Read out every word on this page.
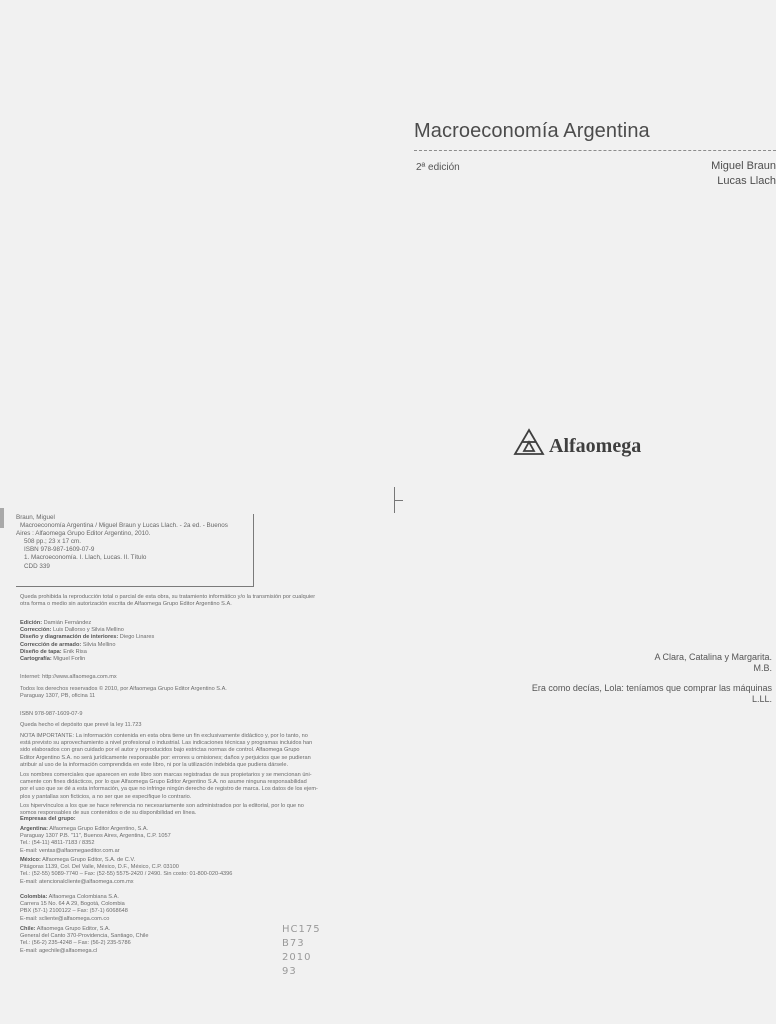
Macroeconomía Argentina
2ª edición	Miguel Braun
Lucas Llach
Alfaomega
A Clara, Catalina y Margarita.
M.B.
Era como decías, Lola: teníamos que comprar las máquinas
L.LL.
Braun, Miguel
Macroeconomía Argentina / Miguel Braun y Lucas Llach. - 2a ed. - Buenos
Aires : Alfaomega Grupo Editor Argentino, 2010.
508 pp.; 23 x 17 cm.
ISBN 978-987-1609-07-9
1. Macroeconomía. I. Llach, Lucas. II. Título
CDD 339
Queda prohibida la reproducción total o parcial de esta obra, su tratamiento informático y/o la transmisión por cualquier
otra forma o medio sin autorización escrita de Alfaomega Grupo Editor Argentino S.A.
Edición: Damián Fernández
Corrección: Luis Dallorso y Silvia Mellino
Diseño y diagramación de interiores: Diego Linares
Corrección de armado: Silvia Mellino
Diseño de tapa: Enik Risa
Cartografía: Miguel Forlin
Internet: http://www.alfaomega.com.mx
Todos los derechos reservados © 2010, por Alfaomega Grupo Editor Argentino S.A.
Paraguay 1307, PB, oficina 11
ISBN 978-987-1609-07-9
Queda hecho el depósito que prevé la ley 11.723
NOTA IMPORTANTE: La información contenida en esta obra tiene un fin exclusivamente didáctico y, por lo tanto, no
está previsto su aprovechamiento a nivel profesional o industrial. Las indicaciones técnicas y programas incluidos han
sido elaborados con gran cuidado por el autor y reproducidos bajo estrictas normas de control. Alfaomega Grupo
Editor Argentino S.A. no será jurídicamente responsable por: errores u omisiones; daños y perjuicios que se pudieran
atribuir al uso de la información comprendida en este libro, ni por la utilización indebida que pudiera dársele.
Los nombres comerciales que aparecen en este libro son marcas registradas de sus propietarios y se mencionan úni-
camente con fines didácticos, por lo que Alfaomega Grupo Editor Argentino S.A. no asume ninguna responsabilidad
por el uso que se dé a esta información, ya que no infringe ningún derecho de registro de marca. Los datos de los ejem-
plos y pantallas son ficticios, a no ser que se especifique lo contrario.
Los hipervínculos a los que se hace referencia no necesariamente son administrados por la editorial, por lo que no
somos responsables de sus contenidos o de su disponibilidad en línea.
Empresas del grupo:
Argentina: Alfaomega Grupo Editor Argentino, S.A.
Paraguay 1307 P.B. "11", Buenos Aires, Argentina, C.P. 1057
Tel.: (54-11) 4811-7183 / 8352
E-mail: ventas@alfaomegaeditor.com.ar
México: Alfaomega Grupo Editor, S.A. de C.V.
Pitágoras 1139, Col. Del Valle, México, D.F., México, C.P. 03100
Tel.: (52-55) 5089-7740 – Fax: (52-55) 5575-2420 / 2490. Sin costo: 01-800-020-4396
E-mail: atencionalcliente@alfaomega.com.mx
Colombia: Alfaomega Colombiana S.A.
Carrera 15 No. 64 A 29, Bogotá, Colombia
PBX (57-1) 2100122 – Fax: (57-1) 6068648
E-mail: scliente@alfaomega.com.co
Chile: Alfaomega Grupo Editor, S.A.
General del Canto 370-Providencia, Santiago, Chile
Tel.: (56-2) 235-4248 – Fax: (56-2) 235-5786
E-mail: agechile@alfaomega.cl
HC175
B73
2010
93
